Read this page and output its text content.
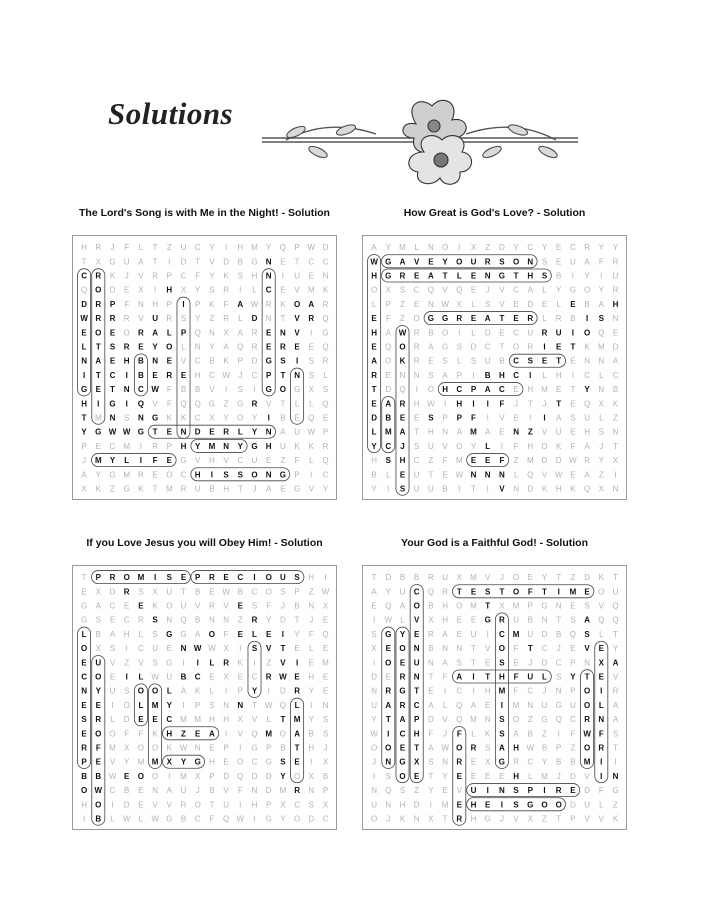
Solutions
The Lord's Song is with Me in the Night! - Solution
H R J F L T Z U C Y I H M Y Q P W D
T X G U A T I D T V D B G N E T C C
C R K J V R P C F Y K S H N I U E N
Q O D E X I H X Y S R I L C E V M K
D R P F N H P I P K F A W R K O A R
W R R R V U R S Y Z R L D N T V R Q
E O E O R A L P Q N X A R E N V I G
L T S R E Y O L N Y A Q R E R E E Q
N A E H B N E V C B K P D G S I S R
I T C I B E R E H C W J C P T N S L
G E T N C W F B B V I S I G O G X S
H I G I Q V F Q Q G Z G R V T L L Q
T M N S N G K K C X Y O Y I B E Q E
Y G W W G T E N D E R L Y N A U W P
P E C M I R P H Y M N Y G H U K K R
J M Y L I F E G V H V C U E Z F L Q
A Y G M R E O C H I S S O N G P I C
X K Z G K T M R U B H T J A E G V Y
How Great is God's Love? - Solution
A Y M L N O I X Z D Y C Y E C R Y Y
W G A V E Y O U R S O N S E U A F R
H G R E A T L E N G T H S B I Y I U
O X S C Q V Q E J V C A L Y G O Y R
L P Z E N W X L S V E D E L E B A H
E F Z O G G R E A T E R L R B I S N
H A W R B O I L D E C U R U I O Q E
E Q O R A G S D C T O R I E T K M D
A O K R E S L S U B C S E T E N N A
R E N N S A P I B H C I L H I C L C
T D Q I O H C P A C E H M E T Y N B
E A R H W I H I I F J T J T E Q X K
D B E E S P P F I V E I I A S U L Z
L M A T H N A M A E N Z V U E H S N
Y C J S U V O Y L I F H O K F A J T
H S H C Z F M E E F Z M D D W R Y X
B L E U T E W N N N L Q V W E A Z I
Y I S U U B I T I V N D K H K Q X N
If you Love Jesus you will Obey Him! - Solution
T P R O M I S E P R E C I O U S H I
E X D R S X U T B E W B C O S P Z W
G A C E E K O U V R V E S F J B N X
G S E C R S N Q B N N Z R Y D T J E
L B A H L S G G A O F E L E I Y F Q
O X S I C U E N W W X I S V T E L E
E U V Z V S G I I L R K I Z V I E M
C O E I L W U B C E X E C R W E H E
N Y U S O O L A K L I P Y I D R Y E
E E I O L M Y I P S N N T W Q L I N
S R L D E E C M M H H X V L T M Y S
E O O F F K H Z E A I V Q M O A B S
R F M X O O K W N E P I G P B T H J
P E V Y M M X Y G H E O C G S E I X
B B W E O O I M X P D Q D D Y O X B
O W C B E N A U J B V F N D M R N P
H O I D E V V R O T U I H P X C S X
I B L W L W G B C F Q W I G Y O D C
Your God is a Faithful God! - Solution
T D B B R U X M V J O E Y T Z D K T
A Y U C Q R T E S T O F T I M E O U
E Q A O B H O M T X M P G N E S V Q
I W L V X H E E G R U B N T S A Q Q
S G Y E R A E U I C M U D B Q S L T
X E O N B N N T V O F T C J E V E Y
I O E U N A S T E S E J D C P N X A
D E R N T F A I T H F U L S Y T E V
N R G T E I C I H M F C J N P O I R
U A R C A L Q A E I M N U G U O L A
Y T A P D V Q M N S O Z G Q C R N A
W I C H F J F L K S A B Z I F W F S
O O E T A W O R S A H W B P Z O R T
J N G X S N R E X G R C Y B B M I I
I S O E T Y E E E E H L M J D V I N
N Q S Z Y E V U I N S P I R E D F G
U N H D I M E H E I S G O O D U L Z
O J K N X T R H G J V X Z T P V V K
